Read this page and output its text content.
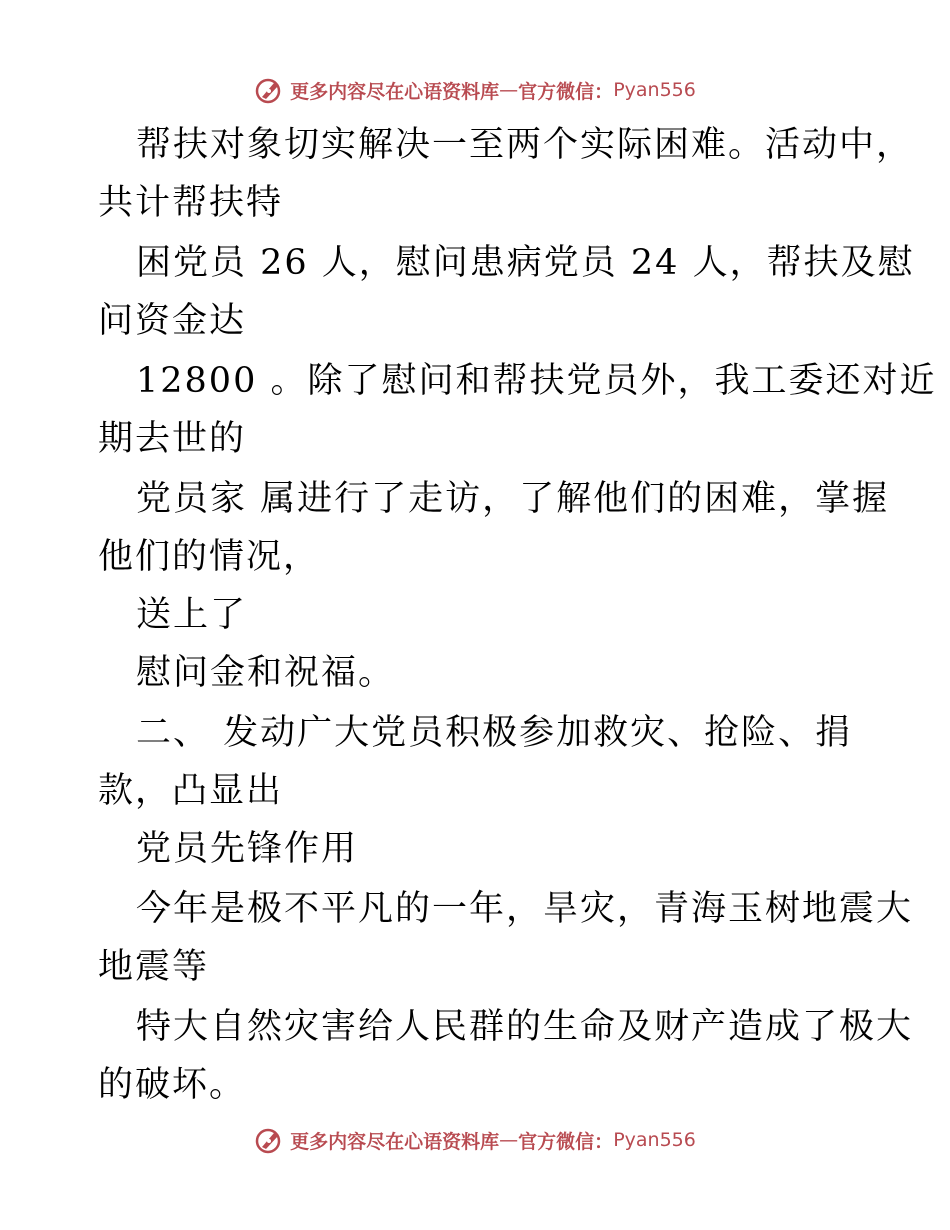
更多内容尽在心语资料库 — 官方微信： Pyan556
帮扶对象切实解决一至两个实际困难。活动中，
共计帮扶特
困党员 26 人，慰问患病党员 24 人，帮扶及慰
问资金达
12800 。除了慰问和帮扶党员外，我工委还对近
期去世的
党员家 属进行了走访，了解他们的困难，掌握
他们的情况，
送上了
慰问金和祝福。
二、 发动广大党员积极参加救灾、抢险、捐
款，凸显出
党员先锋作用
今年是极不平凡的一年，旱灾，青海玉树地震大
地震等
特大自然灾害给人民群的生命及财产造成了极大
的破坏。
更多内容尽在心语资料库 — 官方微信： Pyan556
